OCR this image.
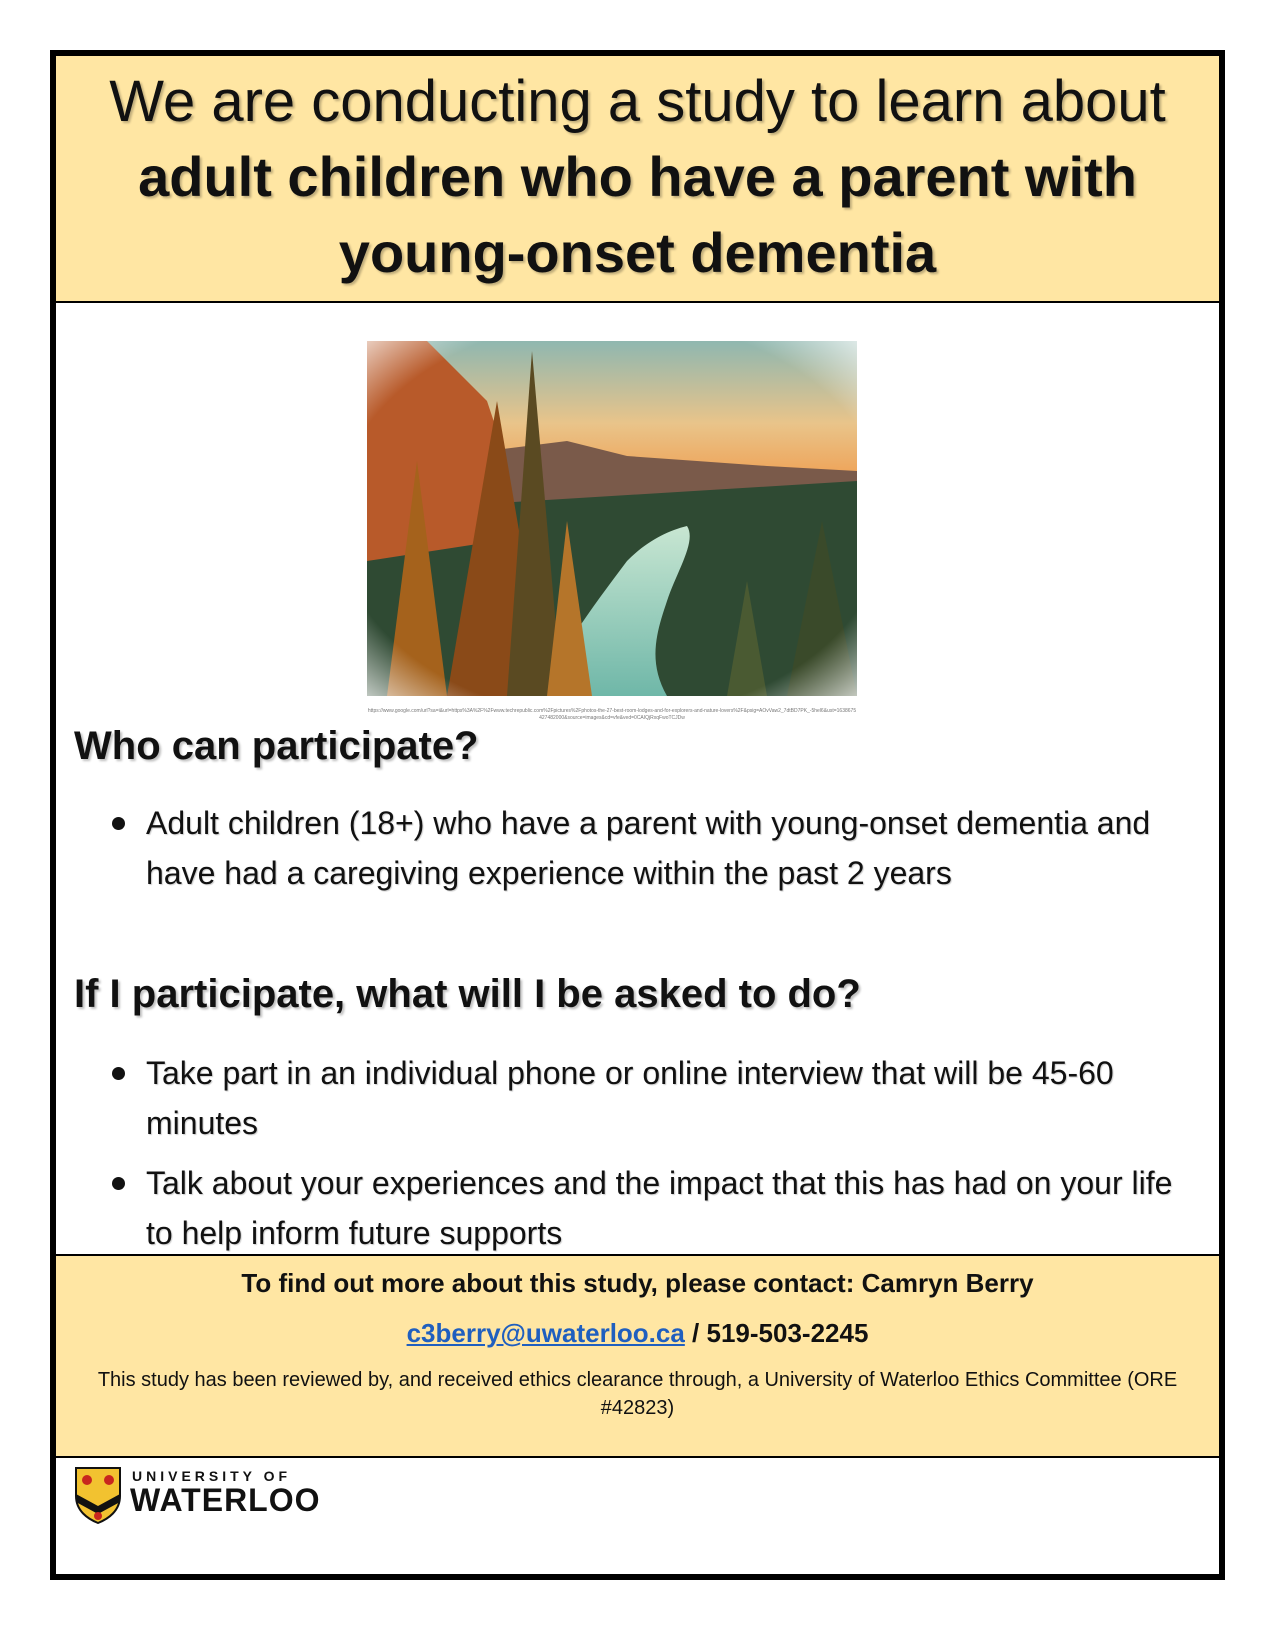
We are conducting a study to learn about
adult children who have a parent with
young-onset dementia
https://www.google.com/url?sa=i&url=https%3A%2F%2Fwww.techrepublic.com%2Fpictures%2Fphotos-the-27-best-room-lodges-and-for-explorers-and-nature-lovers%2F&psig=AOvVaw2_7dtBD7PK_-5hel6&ust=1638675427482000&source=images&cd=vfe&ved=0CAIQjRxqFwoTCJDw
Who can participate?
Adult children (18+) who have a parent with young-onset dementia and have had a caregiving experience within the past 2 years
If I participate, what will I be asked to do?
Take part in an individual phone or online interview that will be 45-60 minutes
Talk about your experiences and the impact that this has had on your life to help inform future supports
To find out more about this study, please contact: Camryn Berry
c3berry@uwaterloo.ca / 519-503-2245
This study has been reviewed by, and received ethics clearance through, a University of Waterloo Ethics Committee (ORE #42823)
UNIVERSITY OF
WATERLOO
